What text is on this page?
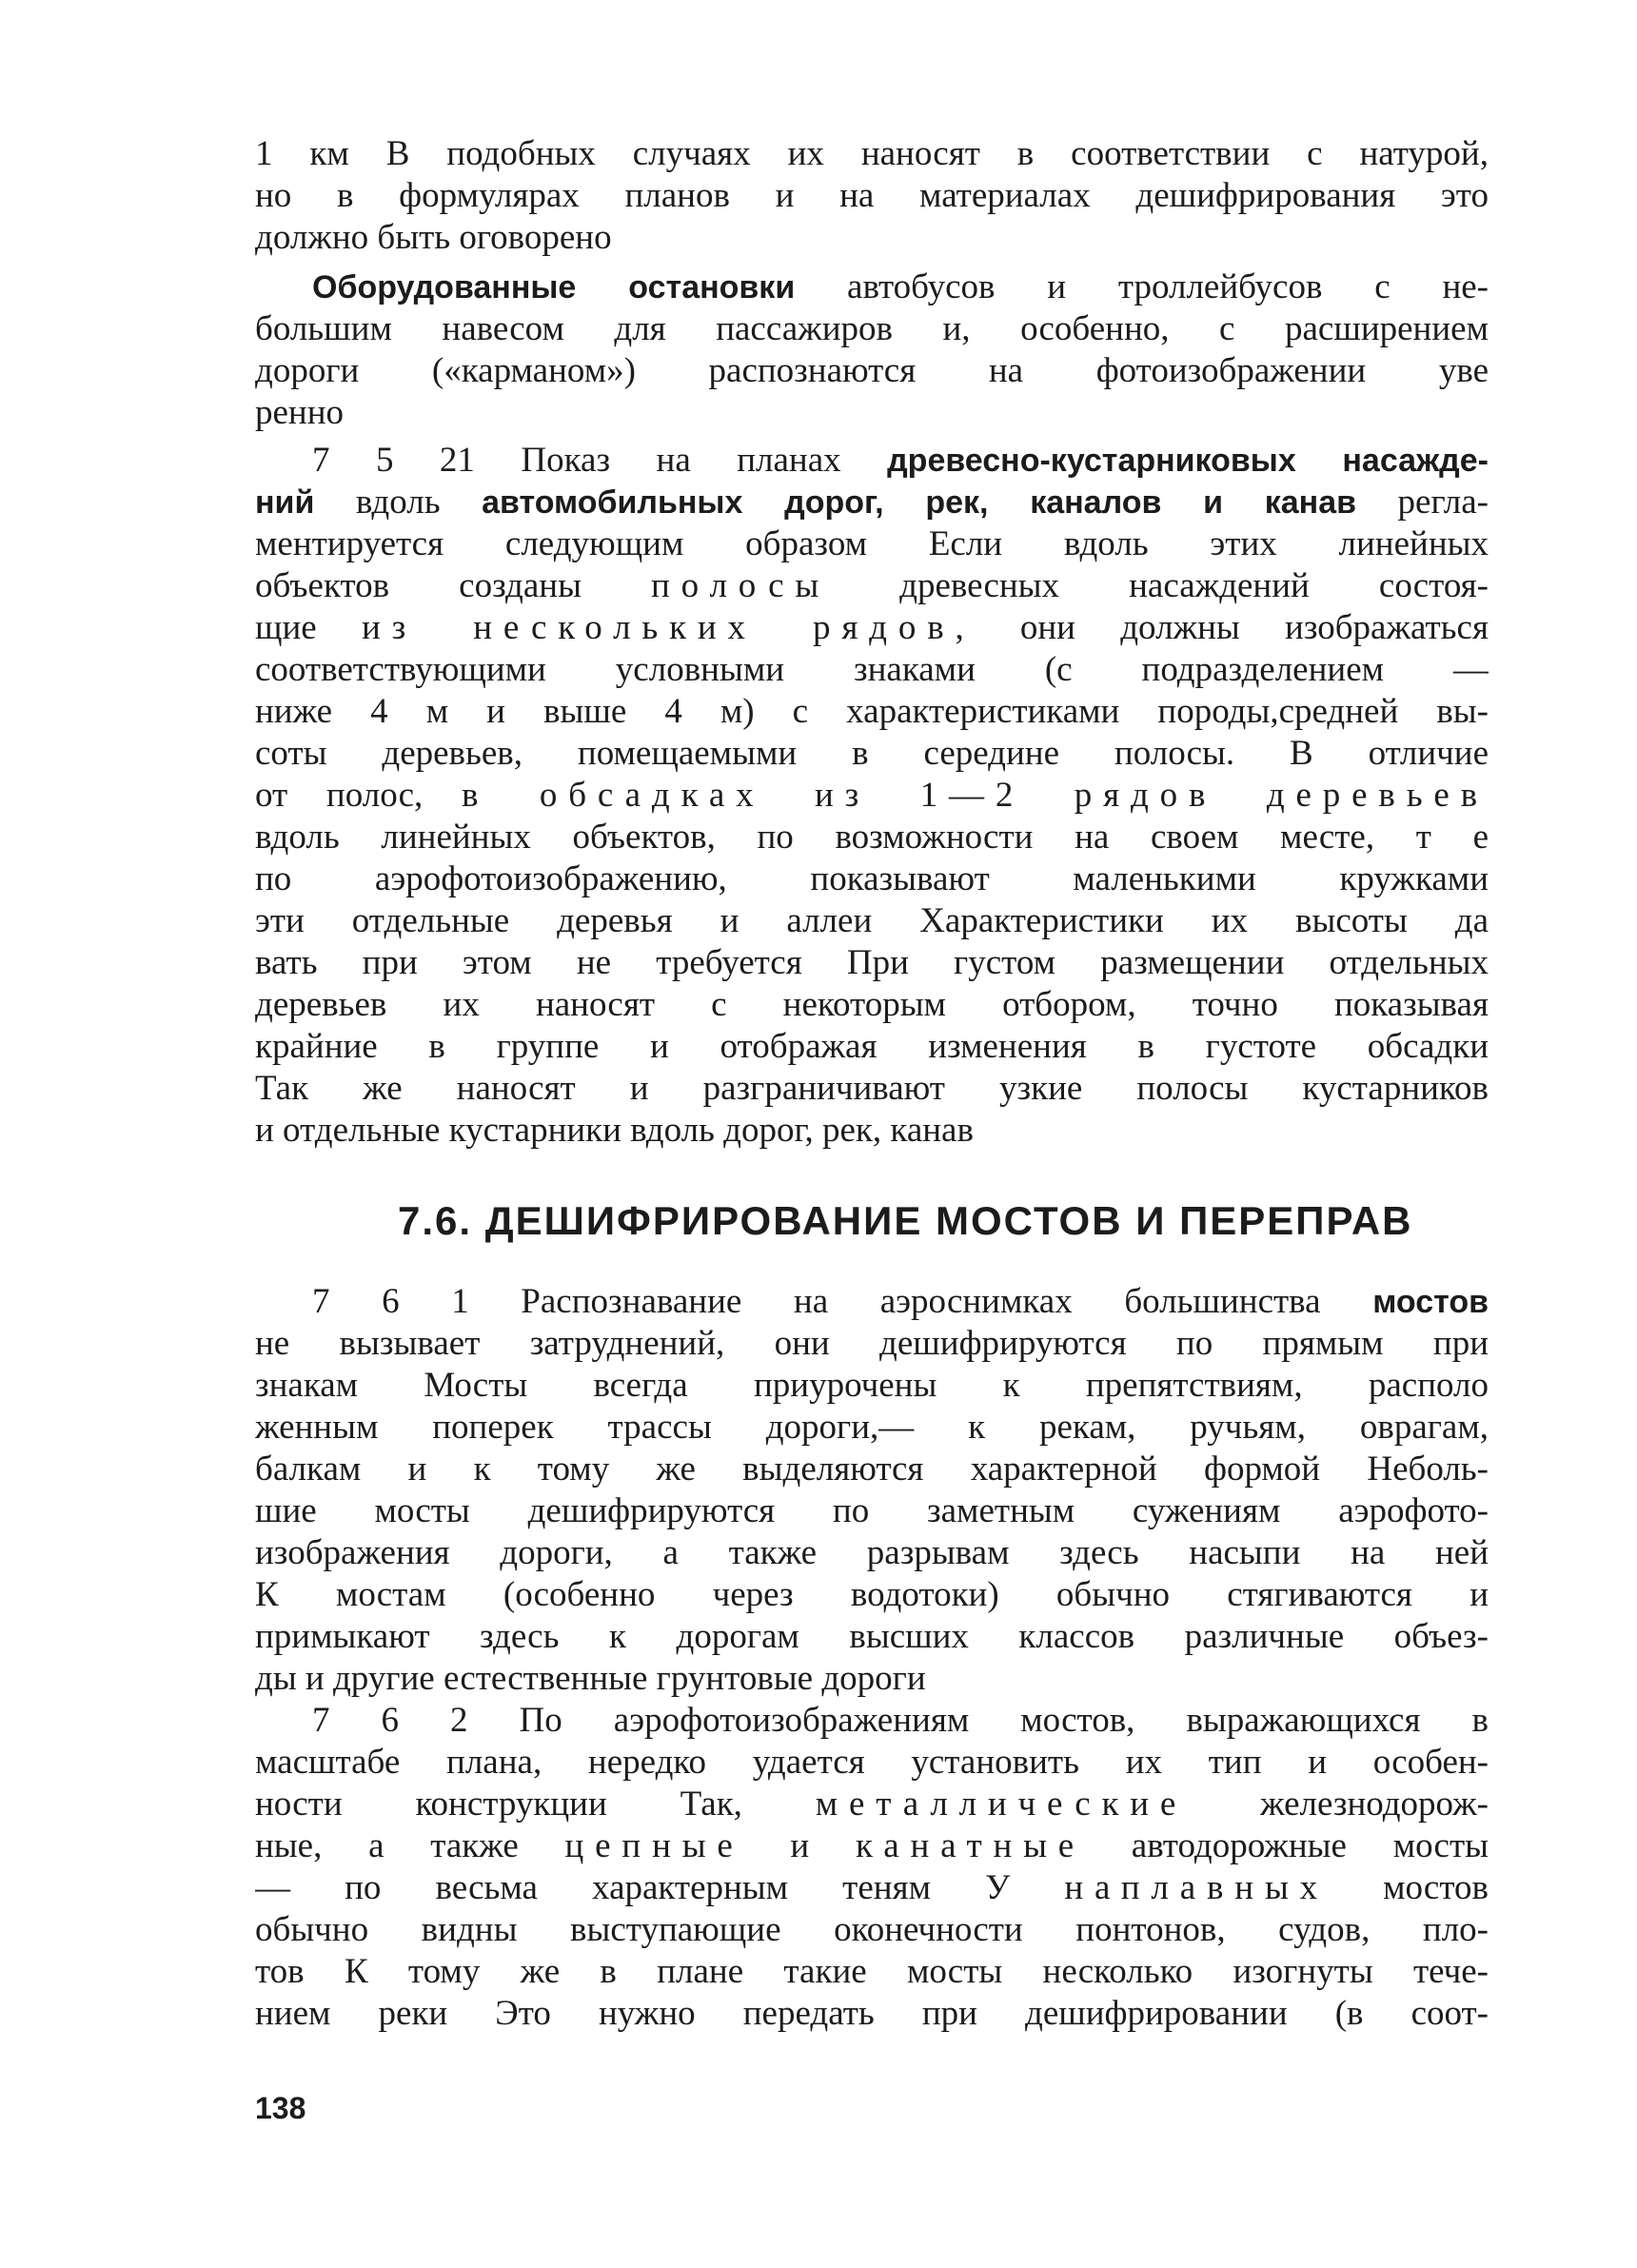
1 км В подобных случаях их наносят в соответствии с натурой,
но в формулярах планов и на материалах дешифрирования это
должно быть оговорено
Оборудованные остановки автобусов и троллейбусов с не-
большим навесом для пассажиров и, особенно, с расширением
дороги («карманом») распознаются на фотоизображении уве
ренно
7 5 21 Показ на планах древесно-кустарниковых насажде-
ний вдоль автомобильных дорог, рек, каналов и канав регла-
ментируется следующим образом Если вдоль этих линейных
объектов созданы полосы древесных насаждений состоя-
щие из нескольких рядов, они должны изображаться
соответствующими условными знаками (с подразделением —
ниже 4 м и выше 4 м) с характеристиками породы,средней вы-
соты деревьев, помещаемыми в середине полосы. В отличие
от полос, в обсадках из 1—2 рядов деревьев
вдоль линейных объектов, по возможности на своем месте, т е
по аэрофотоизображению, показывают маленькими кружками
эти отдельные деревья и аллеи Характеристики их высоты да
вать при этом не требуется При густом размещении отдельных
деревьев их наносят с некоторым отбором, точно показывая
крайние в группе и отображая изменения в густоте обсадки
Так же наносят и разграничивают узкие полосы кустарников
и отдельные кустарники вдоль дорог, рек, канав
7.6. ДЕШИФРИРОВАНИЕ МОСТОВ И ПЕРЕПРАВ
7 6 1 Распознавание на аэроснимках большинства мостов
не вызывает затруднений, они дешифрируются по прямым при
знакам Мосты всегда приурочены к препятствиям, располо
женным поперек трассы дороги,— к рекам, ручьям, оврагам,
балкам и к тому же выделяются характерной формой Неболь-
шие мосты дешифрируются по заметным сужениям аэрофото-
изображения дороги, а также разрывам здесь насыпи на ней
К мостам (особенно через водотоки) обычно стягиваются и
примыкают здесь к дорогам высших классов различные объез-
ды и другие естественные грунтовые дороги
7 6 2 По аэрофотоизображениям мостов, выражающихся в
масштабе плана, нередко удается установить их тип и особен-
ности конструкции Так, металлические железнодорож-
ные, а также цепные и канатные автодорожные мосты
— по весьма характерным теням У наплавных мостов
обычно видны выступающие оконечности понтонов, судов, пло-
тов К тому же в плане такие мосты несколько изогнуты тече-
нием реки Это нужно передать при дешифрировании (в соот-
138
